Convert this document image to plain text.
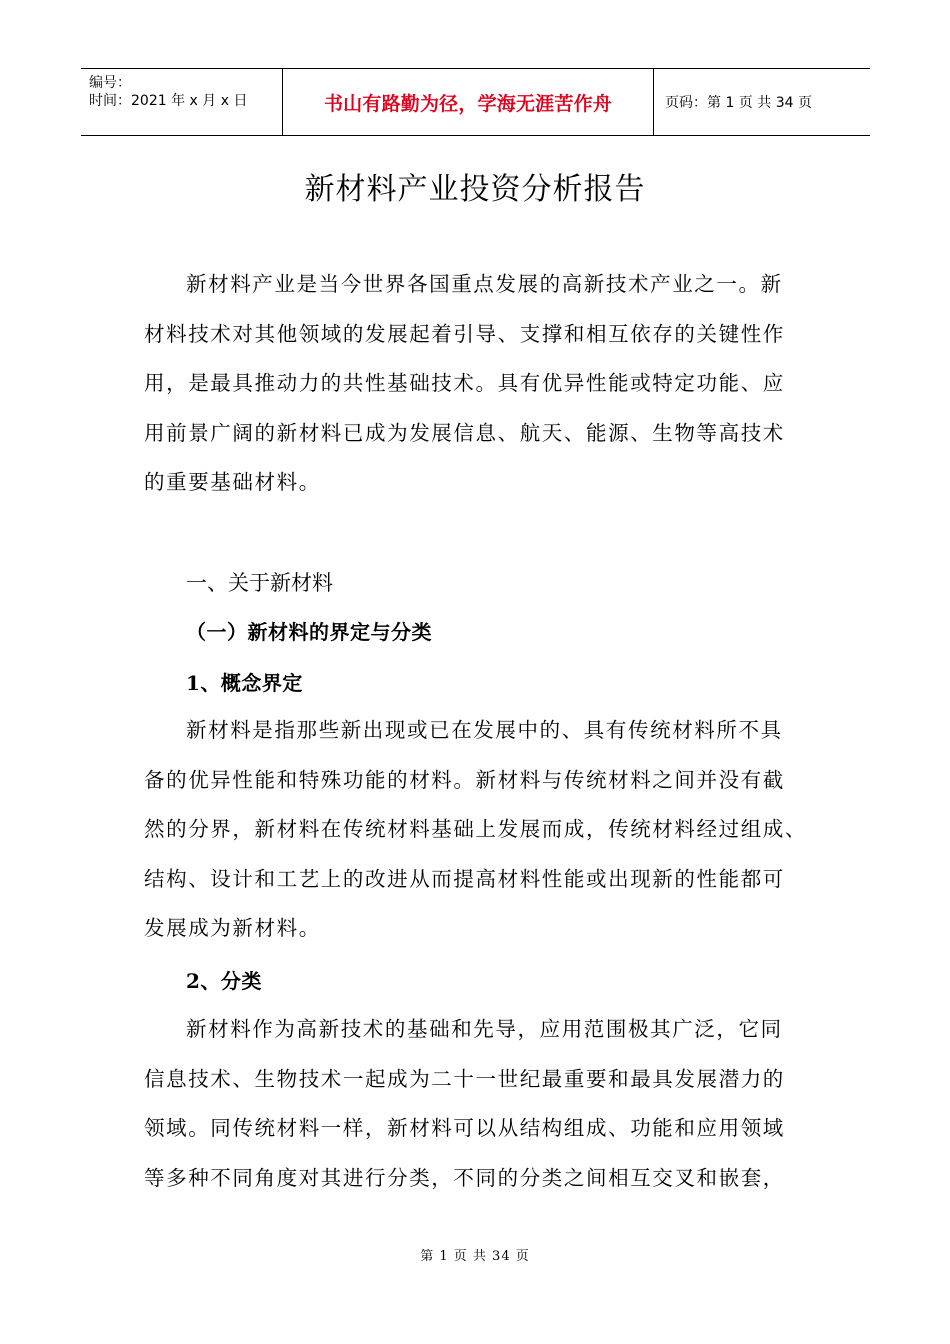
编号：
时间：2021 年 x 月 x 日	书山有路勤为径，学海无涯苦作舟	页码：第 1 页 共 34 页
新材料产业投资分析报告
新材料产业是当今世界各国重点发展的高新技术产业之一。新
材料技术对其他领域的发展起着引导、支撑和相互依存的关键性作
用，是最具推动力的共性基础技术。具有优异性能或特定功能、应
用前景广阔的新材料已成为发展信息、航天、能源、生物等高技术
的重要基础材料。
一、关于新材料
（一）新材料的界定与分类
1、概念界定
新材料是指那些新出现或已在发展中的、具有传统材料所不具
备的优异性能和特殊功能的材料。新材料与传统材料之间并没有截
然的分界，新材料在传统材料基础上发展而成，传统材料经过组成、
结构、设计和工艺上的改进从而提高材料性能或出现新的性能都可
发展成为新材料。
2、分类
新材料作为高新技术的基础和先导，应用范围极其广泛，它同
信息技术、生物技术一起成为二十一世纪最重要和最具发展潜力的
领域。同传统材料一样，新材料可以从结构组成、功能和应用领域
等多种不同角度对其进行分类，不同的分类之间相互交叉和嵌套，
第 1 页 共 34 页
